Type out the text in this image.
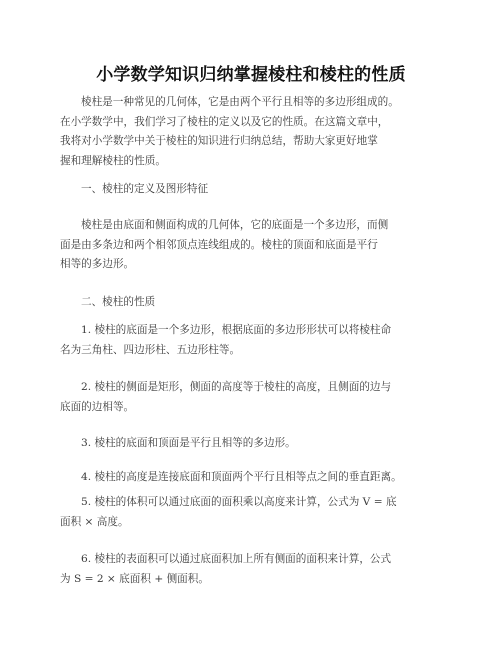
小学数学知识归纳掌握棱柱和棱柱的性质
棱柱是一种常见的几何体，它是由两个平行且相等的多边形组成的。
在小学数学中，我们学习了棱柱的定义以及它的性质。在这篇文章中，
我将对小学数学中关于棱柱的知识进行归纳总结，帮助大家更好地掌
握和理解棱柱的性质。
一、棱柱的定义及图形特征
棱柱是由底面和侧面构成的几何体，它的底面是一个多边形，而侧
面是由多条边和两个相邻顶点连线组成的。棱柱的顶面和底面是平行
相等的多边形。
二、棱柱的性质
1. 棱柱的底面是一个多边形，根据底面的多边形形状可以将棱柱命
名为三角柱、四边形柱、五边形柱等。
2. 棱柱的侧面是矩形，侧面的高度等于棱柱的高度，且侧面的边与
底面的边相等。
3. 棱柱的底面和顶面是平行且相等的多边形。
4. 棱柱的高度是连接底面和顶面两个平行且相等点之间的垂直距离。
5. 棱柱的体积可以通过底面的面积乘以高度来计算，公式为 V = 底
面积 × 高度。
6. 棱柱的表面积可以通过底面积加上所有侧面的面积来计算，公式
为 S = 2 × 底面积 + 侧面积。
